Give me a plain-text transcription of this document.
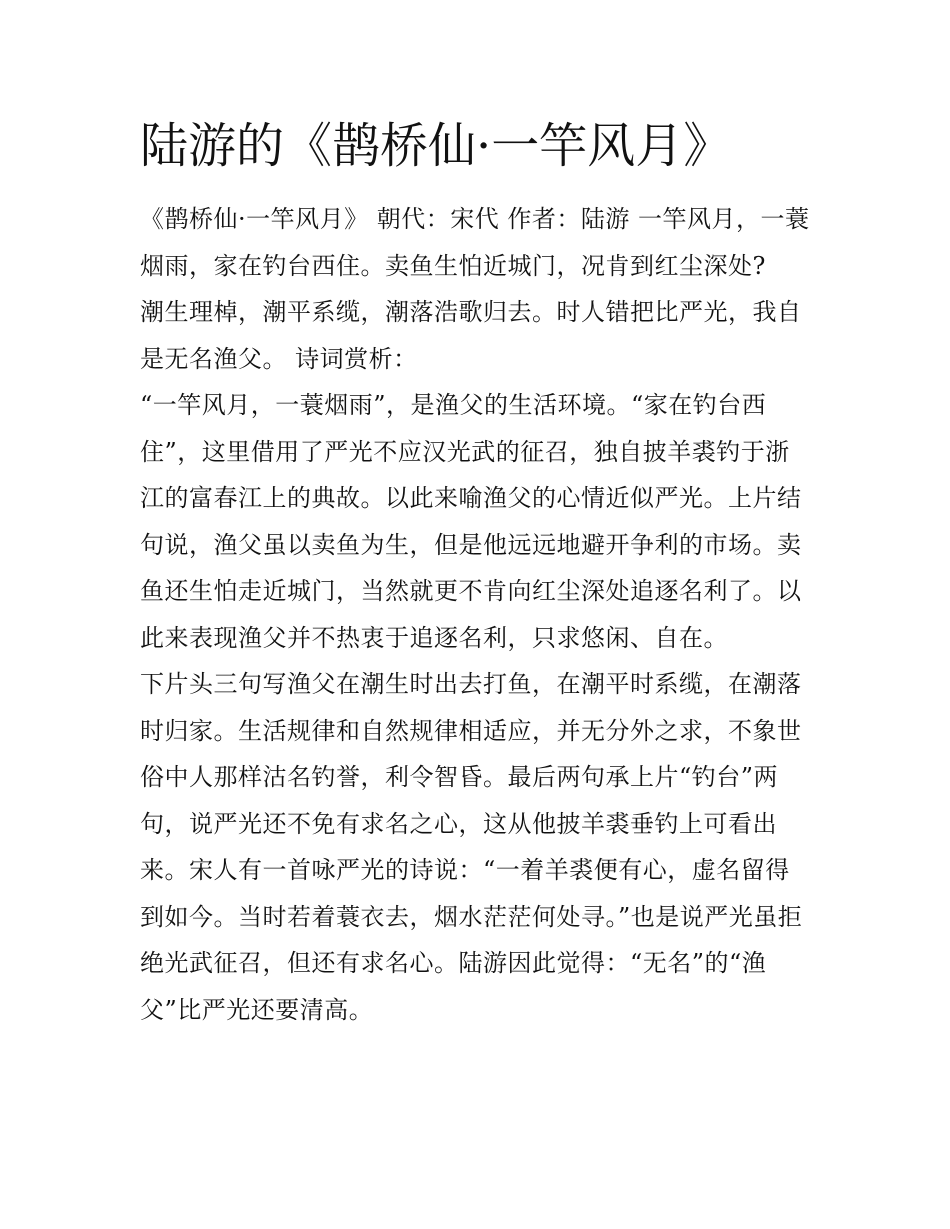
陆游的《鹊桥仙·一竿风月》

《鹊桥仙·一竿风月》 朝代：宋代 作者：陆游 一竿风月，一蓑烟雨，家在钓台西住。卖鱼生怕近城门，况肯到红尘深处?

潮生理棹，潮平系缆，潮落浩歌归去。时人错把比严光，我自是无名渔父。 诗词赏析：

“一竿风月，一蓑烟雨”，是渔父的生活环境。“家在钓台西住”，这里借用了严光不应汉光武的征召，独自披羊裘钓于浙江的富春江上的典故。以此来喻渔父的心情近似严光。上片结句说，渔父虽以卖鱼为生，但是他远远地避开争利的市场。卖鱼还生怕走近城门，当然就更不肯向红尘深处追逐名利了。以此来表现渔父并不热衷于追逐名利，只求悠闲、自在。

下片头三句写渔父在潮生时出去打鱼，在潮平时系缆，在潮落时归家。生活规律和自然规律相适应，并无分外之求，不象世俗中人那样沽名钓誉，利令智昏。最后两句承上片“钓台”两句，说严光还不免有求名之心，这从他披羊裘垂钓上可看出来。宋人有一首咏严光的诗说：“一着羊裘便有心，虚名留得到如今。当时若着蓑衣去，烟水茫茫何处寻。”也是说严光虽拒绝光武征召，但还有求名心。陆游因此觉得：“无名”的“渔父”比严光还要清高。
